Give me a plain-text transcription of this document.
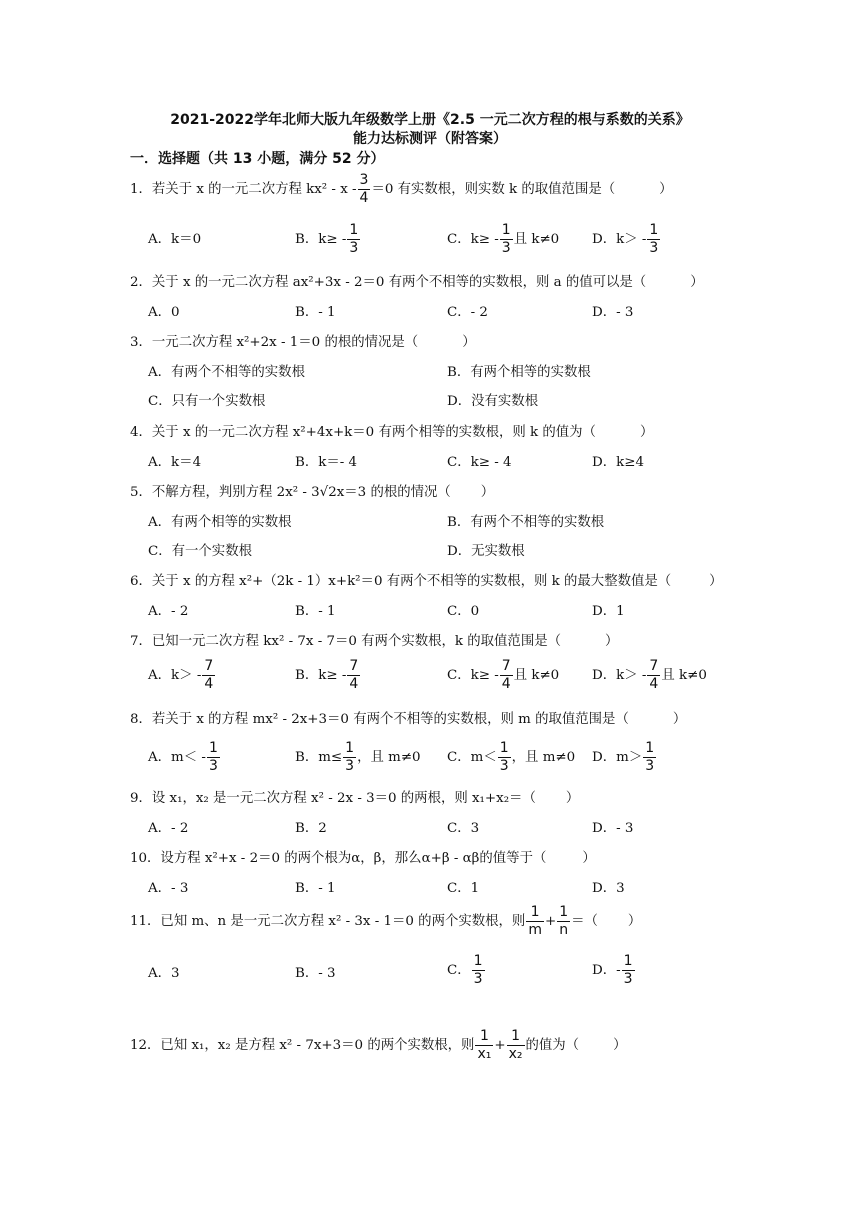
2021-2022学年北师大版九年级数学上册《2.5 一元二次方程的根与系数的关系》
能力达标测评（附答案）
一．选择题（共 13 小题，满分 52 分）
1．若关于 x 的一元二次方程 $kx^2 - x - \frac{3}{4} =0$ 有实数根，则实数 k 的取值范围是（	）
A．k＝0	B．$k\ge - \frac{1}{3}$	C．$k\ge - \frac{1}{3}$ 且 k≠0 D．$k> - \frac{1}{3}$
2．关于 x 的一元二次方程 ax²+3x - 2＝0 有两个不相等的实数根，则 a 的值可以是（	）
A．0	B．- 1	C．- 2	D．- 3
3．一元二次方程 x²+2x - 1＝0 的根的情况是（	）
A．有两个不相等的实数根	B．有两个相等的实数根
C．只有一个实数根	D．没有实数根
4．关于 x 的一元二次方程 x²+4x+k＝0 有两个相等的实数根，则 k 的值为（	）
A．k＝4	B．k＝- 4	C．k≥ - 4	D．k≥4
5．不解方程，判别方程 2x² - 3√2x＝3 的根的情况（ ）
A．有两个相等的实数根	B．有两个不相等的实数根
C．有一个实数根	D．无实数根
6．关于 x 的方程 x²+（2k - 1）x+k²＝0 有两个不相等的实数根，则 k 的最大整数值是（	）
A．- 2	B．- 1	C．0	D．1
7．已知一元二次方程 kx² - 7x - 7＝0 有两个实数根，k 的取值范围是（	）
A．$k> - \frac{7}{4}$	B．$k\ge - \frac{7}{4}$	C．$k\ge - \frac{7}{4}$ 且 k≠0 D．$k> - \frac{7}{4}$ 且 k≠0
8．若关于 x 的方程 mx² - 2x+3＝0 有两个不相等的实数根，则 m 的取值范围是（	）
A．$m< - \frac{1}{3}$	B．$m\le \frac{1}{3}$ ，且 m≠0 C．$m< \frac{1}{3}$ ，且 m≠0 D．$m> \frac{1}{3}$
9．设 x₁，x₂ 是一元二次方程 x² - 2x - 3＝0 的两根，则 x₁+x₂＝（ ）
A．- 2	B．2	C．3	D．- 3
10．设方程 x²+x - 2＝0 的两个根为α，β，那么α+β - αβ的值等于（	）
A．- 3	B．- 1	C．1	D．3
11．已知 m、n 是一元二次方程 x² - 3x - 1＝0 的两个实数根，则 $\frac{1}{m} + \frac{1}{n}$ ＝（ ）
A．3	B．- 3	C． $\frac{1}{3}$	D．- $\frac{1}{3}$
12．已知 x₁，x₂ 是方程 x² - 7x+3＝0 的两个实数根，则 $\frac{1}{\text{x₁}} + \frac{1}{\text{x₂}}$ 的值为（	）
